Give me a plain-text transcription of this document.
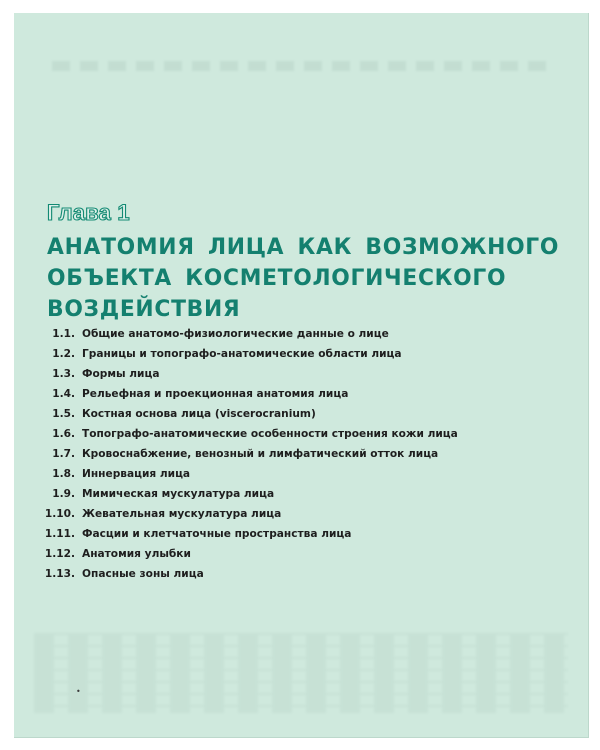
Глава 1
АНАТОМИЯ ЛИЦА КАК ВОЗМОЖНОГО
ОБЪЕКТА КОСМЕТОЛОГИЧЕСКОГО
ВОЗДЕЙСТВИЯ
1.1. Общие анатомо-физиологические данные о лице
1.2. Границы и топографо-анатомические области лица
1.3. Формы лица
1.4. Рельефная и проекционная анатомия лица
1.5. Костная основа лица (viscerocranium)
1.6. Топографо-анатомические особенности строения кожи лица
1.7. Кровоснабжение, венозный и лимфатический отток лица
1.8. Иннервация лица
1.9. Мимическая мускулатура лица
1.10. Жевательная мускулатура лица
1.11. Фасции и клетчаточные пространства лица
1.12. Анатомия улыбки
1.13. Опасные зоны лица
•
